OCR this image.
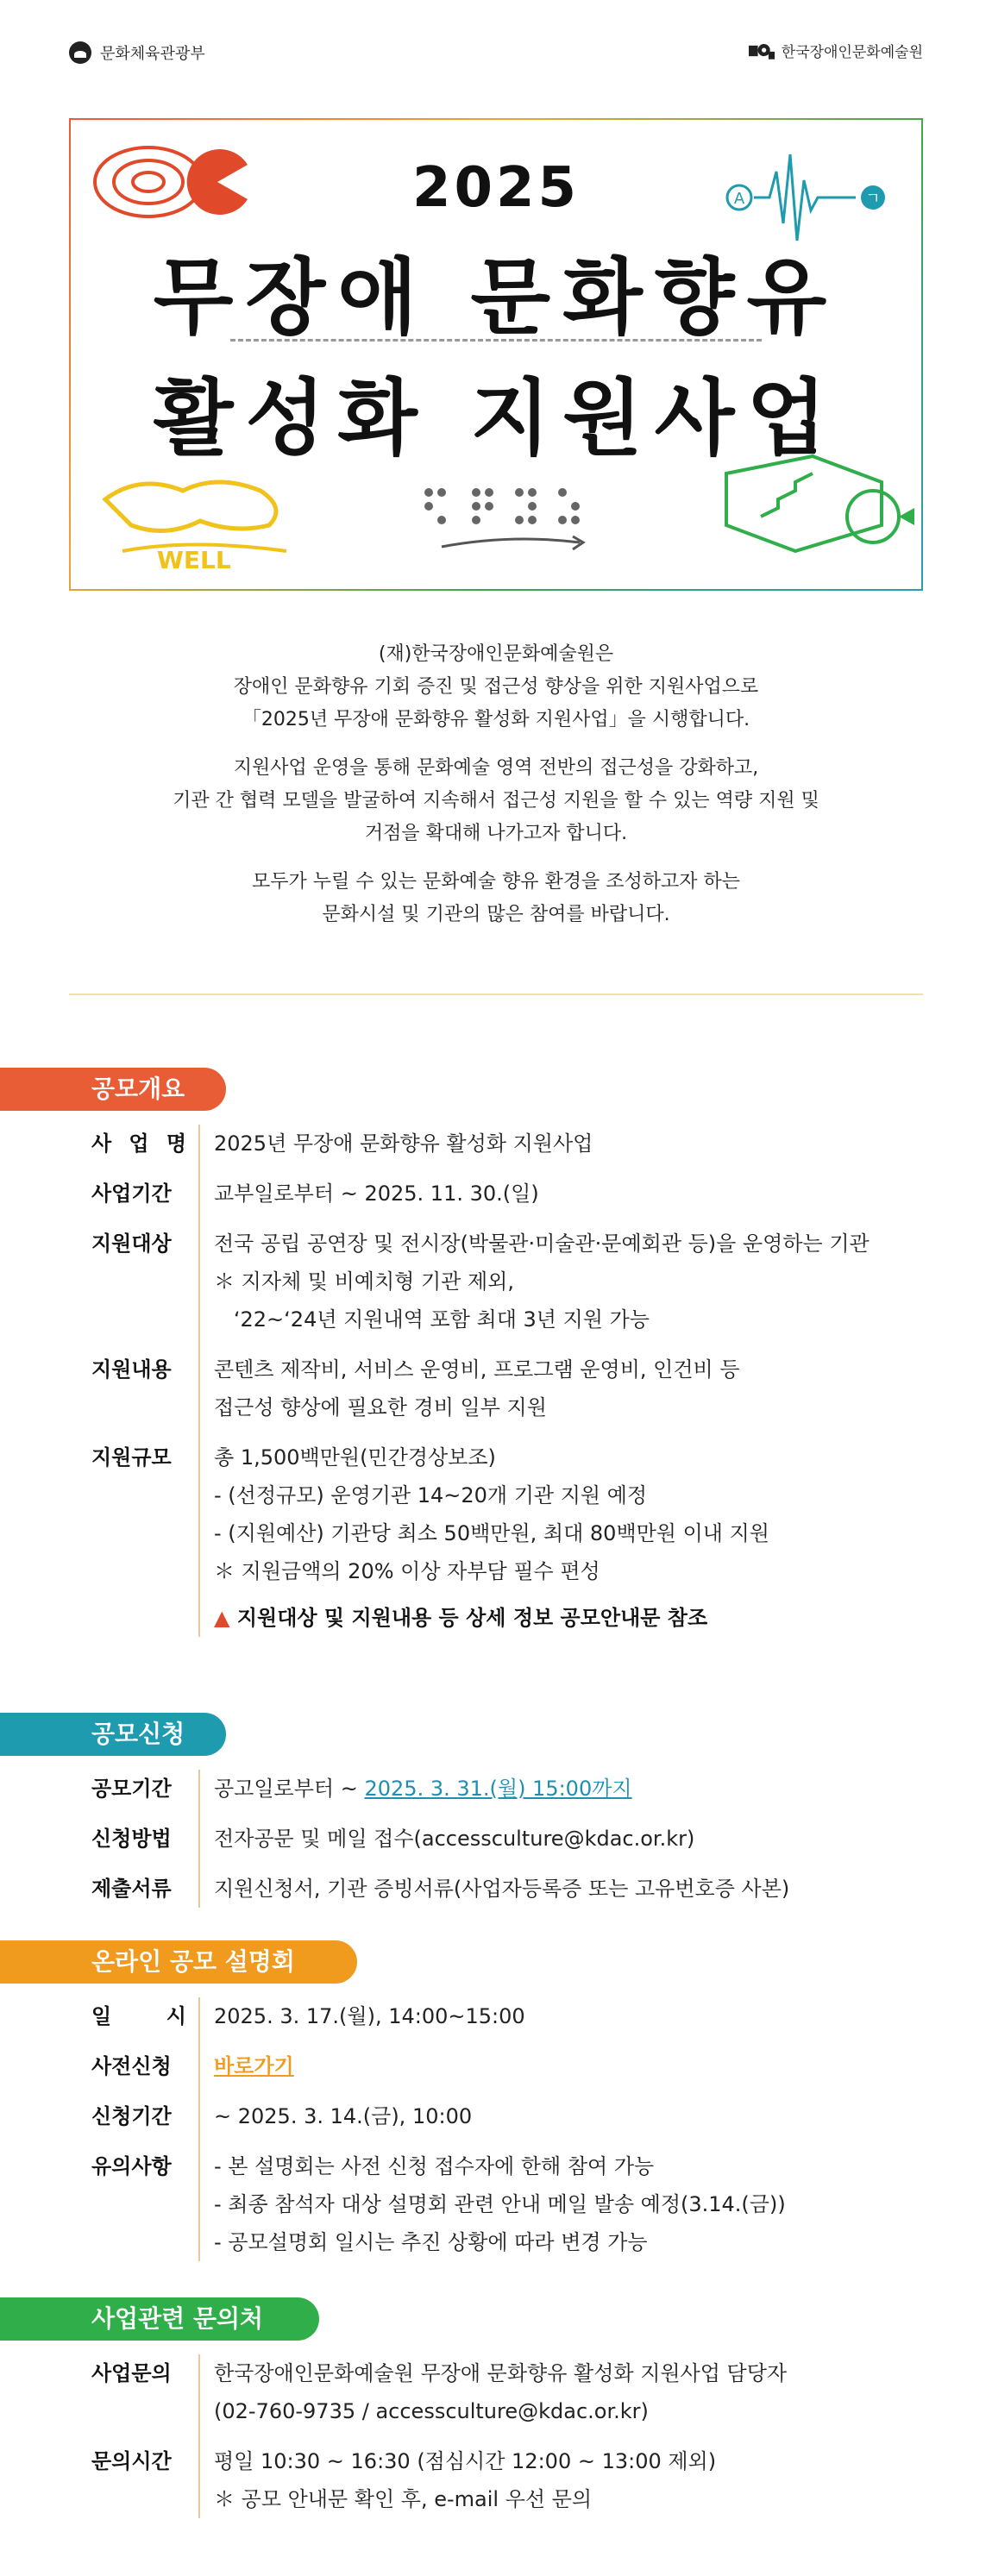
문화체육관광부	한국장애인문화예술원
A	ㄱ
2025
무장애 문화향유
활성화 지원사업
WELL

(재)한국장애인문화예술원은
장애인 문화향유 기회 증진 및 접근성 향상을 위한 지원사업으로
「2025년 무장애 문화향유 활성화 지원사업」을 시행합니다.

지원사업 운영을 통해 문화예술 영역 전반의 접근성을 강화하고,
기관 간 협력 모델을 발굴하여 지속해서 접근성 지원을 할 수 있는 역량 지원 및
거점을 확대해 나가고자 합니다.

모두가 누릴 수 있는 문화예술 향유 환경을 조성하고자 하는
문화시설 및 기관의 많은 참여를 바랍니다.

공모개요
사 업 명	2025년 무장애 문화향유 활성화 지원사업
사업기간	교부일로부터 ~ 2025. 11. 30.(일)
지원대상	전국 공립 공연장 및 전시장(박물관·미술관·문예회관 등)을 운영하는 기관
＊ 지자체 및 비예치형 기관 제외,
‘22~‘24년 지원내역 포함 최대 3년 지원 가능
지원내용	콘텐츠 제작비, 서비스 운영비, 프로그램 운영비, 인건비 등
접근성 향상에 필요한 경비 일부 지원
지원규모	총 1,500백만원(민간경상보조)
- (선정규모) 운영기관 14~20개 기관 지원 예정
- (지원예산) 기관당 최소 50백만원, 최대 80백만원 이내 지원
＊ 지원금액의 20% 이상 자부담 필수 편성
▲ 지원대상 및 지원내용 등 상세 정보 공모안내문 참조
공모신청
공모기간	공고일로부터 ~ 2025. 3. 31.(월) 15:00까지
신청방법	전자공문 및 메일 접수(accessculture@kdac.or.kr)
제출서류	지원신청서, 기관 증빙서류(사업자등록증 또는 고유번호증 사본)
온라인 공모 설명회
일 시	2025. 3. 17.(월), 14:00~15:00
사전신청	바로가기
신청기간	~ 2025. 3. 14.(금), 10:00
유의사항	- 본 설명회는 사전 신청 접수자에 한해 참여 가능
- 최종 참석자 대상 설명회 관련 안내 메일 발송 예정(3.14.(금))
- 공모설명회 일시는 추진 상황에 따라 변경 가능
사업관련 문의처
사업문의	한국장애인문화예술원 무장애 문화향유 활성화 지원사업 담당자
(02-760-9735 / accessculture@kdac.or.kr)
문의시간	평일 10:30 ~ 16:30 (점심시간 12:00 ~ 13:00 제외)
＊ 공모 안내문 확인 후, e-mail 우선 문의
